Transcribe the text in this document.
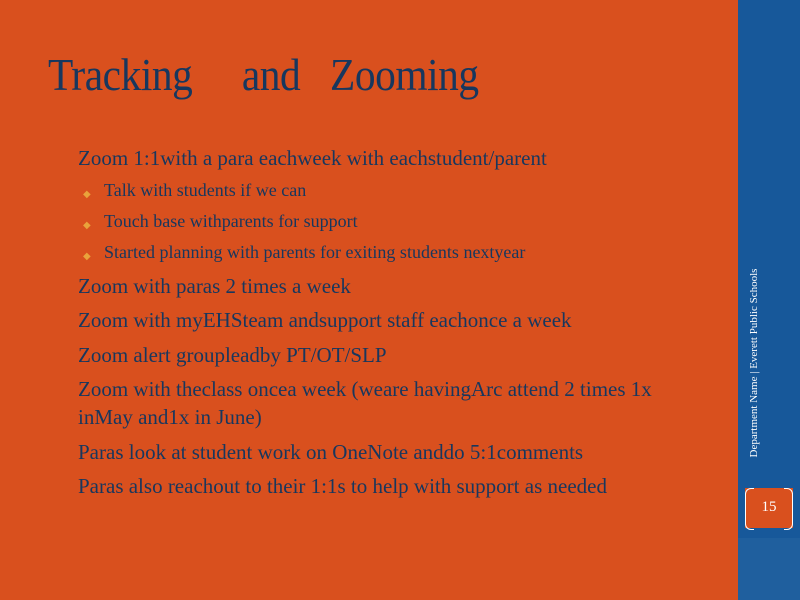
Tracking     and   Zooming
Zoom 1:1with a para eachweek with eachstudent/parent
◆ Talk with students if we can
◆ Touch base withparents for support
◆ Started planning with parents for exiting students nextyear
Zoom with paras 2 times a week
Zoom with myEHSteam andsupport staff eachonce a week
Zoom alert groupleadby PT/OT/SLP
Zoom with theclass oncea week (weare havingArc attend 2 times 1x inMay and1x in June)
Paras look at student work on OneNote anddo 5:1comments
Paras also reachout to their 1:1s to help with support as needed
Department Name | Everett Public Schools
15
